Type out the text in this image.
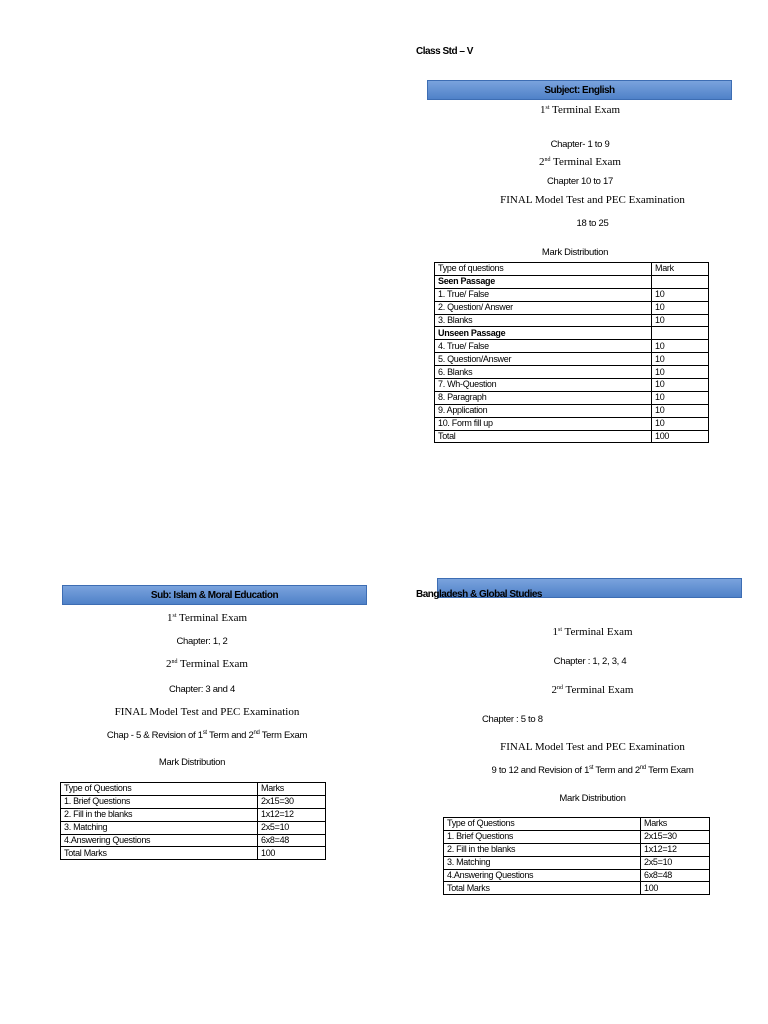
Class Std – V
Subject: English
1st Terminal Exam
Chapter- 1 to 9
2nd Terminal Exam
Chapter 10 to 17
FINAL Model Test and PEC Examination
18 to 25
Mark Distribution
Type of questions	Mark
Seen Passage	
1. True/ False	10
2. Question/ Answer	10
3. Blanks	10
Unseen Passage	
4. True/ False	10
5. Question/Answer	10
6. Blanks	10
7. Wh-Question	10
8. Paragraph	10
9. Application	10
10. Form fill up	10
Total	100
Sub: Islam & Moral Education
1st Terminal Exam
Chapter: 1, 2
2nd Terminal Exam
Chapter: 3 and 4
FINAL Model Test and PEC Examination
Chap - 5 & Revision of 1st Term and 2nd Term Exam
Mark Distribution
Type of Questions	Marks
1. Brief Questions	2x15=30
2. Fill in the blanks	1x12=12
3. Matching	2x5=10
4.Answering Questions	6x8=48
Total Marks	100
Bangladesh & Global Studies
1st Terminal Exam
Chapter : 1, 2, 3, 4
2nd Terminal Exam
Chapter : 5 to 8
FINAL Model Test and PEC Examination
9 to 12 and Revision of 1st Term and 2nd Term Exam
Mark Distribution
Type of Questions	Marks
1. Brief Questions	2x15=30
2. Fill in the blanks	1x12=12
3. Matching	2x5=10
4.Answering Questions	6x8=48
Total Marks	100
